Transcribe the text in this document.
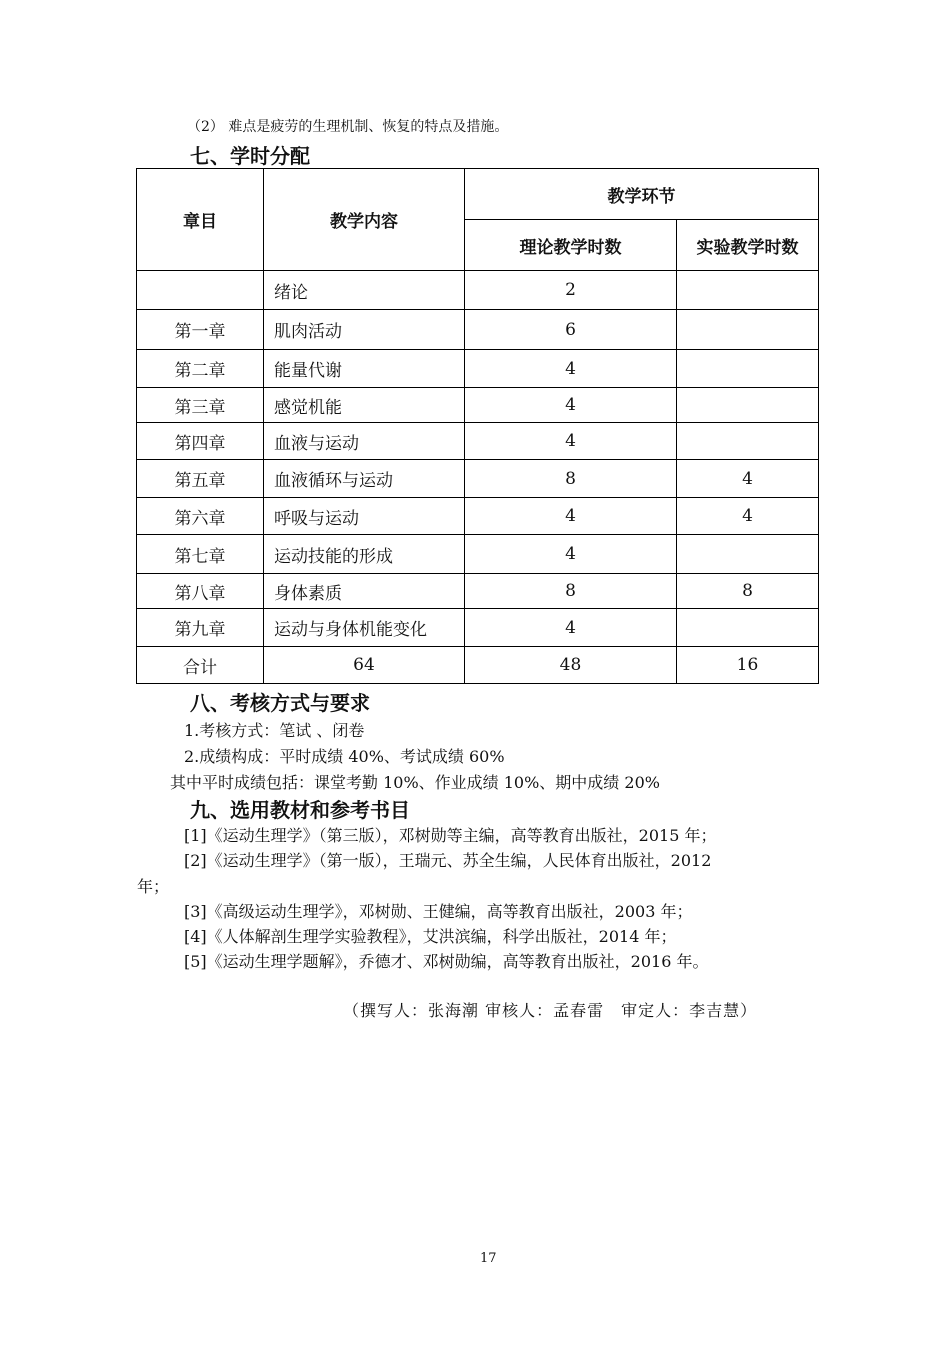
（2） 难点是疲劳的生理机制、恢复的特点及措施。
七、学时分配
章目	教学内容	教学环节	
		理论教学时数	实验教学时数
	绪论	2	
第一章	肌肉活动	6	
第二章	能量代谢	4	
第三章	感觉机能	4	
第四章	血液与运动	4	
第五章	血液循环与运动	8	4
第六章	呼吸与运动	4	4
第七章	运动技能的形成	4	
第八章	身体素质	8	8
第九章	运动与身体机能变化	4	
合计	64	48	16
八、考核方式与要求
1.考核方式：笔试 、闭卷
2.成绩构成：平时成绩 40%、考试成绩 60%
其中平时成绩包括：课堂考勤 10%、作业成绩 10%、期中成绩 20%
九、选用教材和参考书目
[1]《运动生理学》（第三版），邓树勋等主编，高等教育出版社，2015 年；
[2]《运动生理学》（第一版），王瑞元、苏全生编，人民体育出版社，2012
年；
[3]《高级运动生理学》，邓树勋、王健编，高等教育出版社，2003 年；
[4]《人体解剖生理学实验教程》，艾洪滨编，科学出版社，2014 年；
[5]《运动生理学题解》，乔德才、邓树勋编，高等教育出版社，2016 年。
（撰写人：张海潮 审核人：孟春雷　审定人：李吉慧）
17
